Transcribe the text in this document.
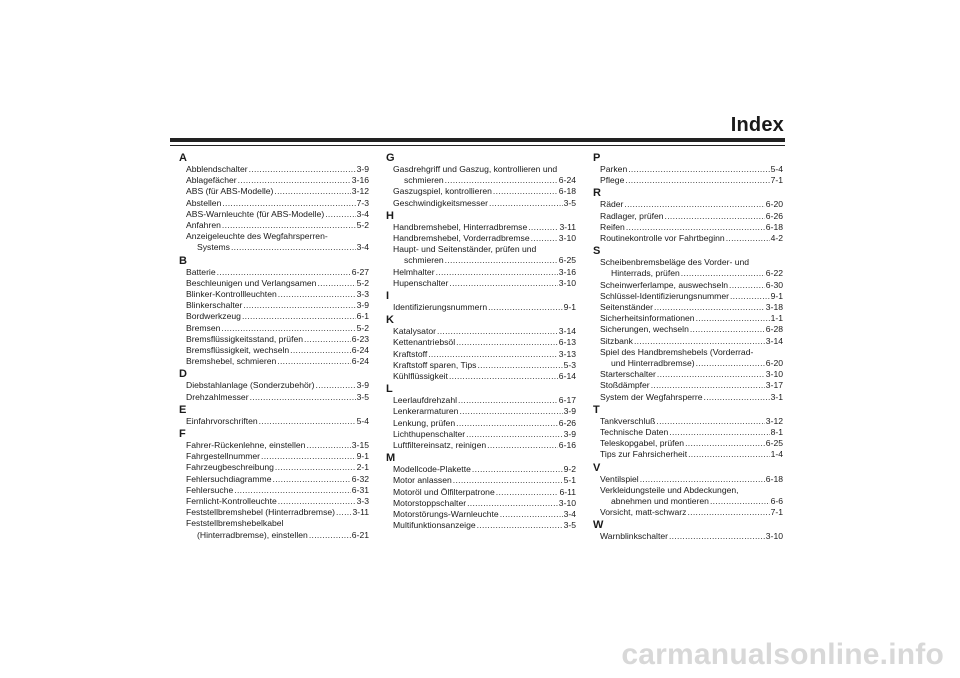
Index
A
Abblendschalter .....	3-9
Ablagefächer .....	3-16
ABS (für ABS-Modelle) .....	3-12
Abstellen .....	7-3
ABS-Warnleuchte (für ABS-Modelle) .....	3-4
Anfahren .....	5-2
Anzeigeleuchte des Wegfahrsperren-
Systems .....	3-4
B
Batterie .....	6-27
Beschleunigen und Verlangsamen .....	5-2
Blinker-Kontrollleuchten .....	3-3
Blinkerschalter .....	3-9
Bordwerkzeug .....	6-1
Bremsen .....	5-2
Bremsflüssigkeitsstand, prüfen .....	6-23
Bremsflüssigkeit, wechseln .....	6-24
Bremshebel, schmieren .....	6-24
D
Diebstahlanlage (Sonderzubehör) .....	3-9
Drehzahlmesser .....	3-5
E
Einfahrvorschriften .....	5-4
F
Fahrer-Rückenlehne, einstellen .....	3-15
Fahrgestellnummer .....	9-1
Fahrzeugbeschreibung .....	2-1
Fehlersuchdiagramme .....	6-32
Fehlersuche .....	6-31
Fernlicht-Kontrolleuchte .....	3-3
Feststellbremshebel (Hinterradbremse) ..... 3-11
Feststellbremshebelkabel
(Hinterradbremse), einstellen .....	6-21
G
Gasdrehgriff und Gaszug, kontrollieren und
schmieren .....	6-24
Gaszugspiel, kontrollieren .....	6-18
Geschwindigkeitsmesser .....	3-5
H
Handbremshebel, Hinterradbremse .....	3-11
Handbremshebel, Vorderradbremse .....	3-10
Haupt- und Seitenständer, prüfen und
schmieren .....	6-25
Helmhalter .....	3-16
Hupenschalter .....	3-10
I
Identifizierungsnummern .....	9-1
K
Katalysator .....	3-14
Kettenantriebsöl .....	6-13
Kraftstoff .....	3-13
Kraftstoff sparen, Tips .....	5-3
Kühlflüssigkeit .....	6-14
L
Leerlaufdrehzahl .....	6-17
Lenkerarmaturen .....	3-9
Lenkung, prüfen .....	6-26
Lichthupenschalter .....	3-9
Luftfiltereinsatz, reinigen .....	6-16
M
Modellcode-Plakette .....	9-2
Motor anlassen .....	5-1
Motoröl und Ölfilterpatrone .....	6-11
Motorstoppschalter .....	3-10
Motorstörungs-Warnleuchte .....	3-4
Multifunktionsanzeige .....	3-5
P
Parken .....	5-4
Pflege .....	7-1
R
Räder .....	6-20
Radlager, prüfen .....	6-26
Reifen .....	6-18
Routinekontrolle vor Fahrtbeginn .....	4-2
S
Scheibenbremsbeläge des Vorder- und
Hinterrads, prüfen .....	6-22
Scheinwerferlampe, auswechseln .....	6-30
Schlüssel-Identifizierungsnummer .....	9-1
Seitenständer .....	3-18
Sicherheitsinformationen .....	1-1
Sicherungen, wechseln .....	6-28
Sitzbank .....	3-14
Spiel des Handbremshebels (Vorderrad-
und Hinterradbremse) .....	6-20
Starterschalter .....	3-10
Stoßdämpfer .....	3-17
System der Wegfahrsperre .....	3-1
T
Tankverschluß .....	3-12
Technische Daten .....	8-1
Teleskopgabel, prüfen .....	6-25
Tips zur Fahrsicherheit .....	1-4
V
Ventilspiel .....	6-18
Verkleidungsteile und Abdeckungen,
abnehmen und montieren .....	6-6
Vorsicht, matt-schwarz .....	7-1
W
Warnblinkschalter .....	3-10
carmanualsonline.info
